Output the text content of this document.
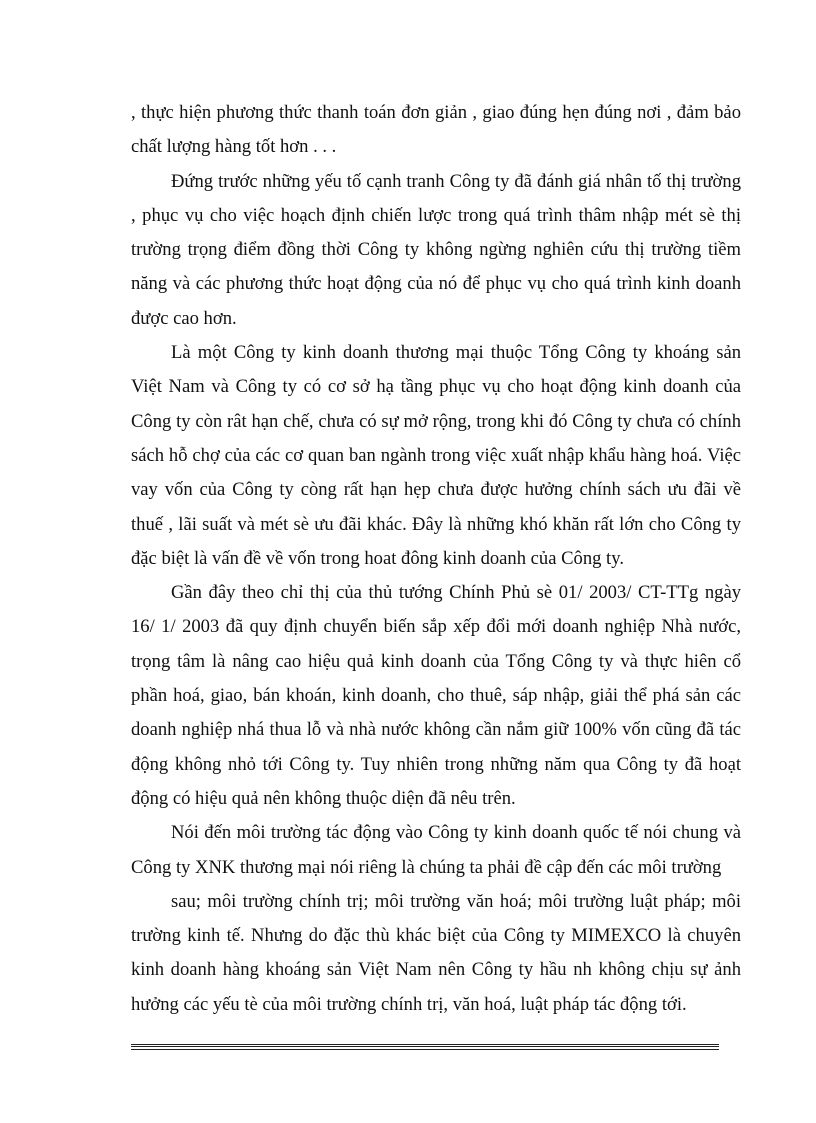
, thực hiện phương thức thanh toán đơn giản , giao đúng hẹn đúng nơi , đảm bảo chất lượng hàng tốt hơn . . .

Đứng trước những yếu tố cạnh tranh Công ty đã đánh giá nhân tố thị trường , phục vụ cho việc hoạch định chiến lược trong quá trình thâm nhập mét sè thị trường trọng điểm đồng thời Công ty không ngừng nghiên cứu thị trường tiềm năng và các phương thức hoạt động của nó để phục vụ cho quá trình kinh doanh được cao hơn.

Là một Công ty kinh doanh thương mại thuộc Tổng Công ty khoáng sản Việt Nam và Công ty có cơ sở hạ tầng phục vụ cho hoạt động kinh doanh của Công ty còn rât hạn chế, chưa có sự mở rộng, trong khi đó Công ty chưa có chính sách hỗ chợ của các cơ quan ban ngành trong việc xuất nhập khẩu hàng hoá. Việc vay vốn của Công ty còng rất hạn hẹp chưa được hưởng chính sách ưu đãi về thuế , lãi suất và mét sè ưu đãi khác. Đây là những khó khăn rất lớn cho Công ty đặc biệt là vấn đề về vốn trong hoat đông kinh doanh của Công ty.

Gần đây theo chỉ thị của thủ tướng Chính Phủ sè 01/ 2003/ CT-TTg ngày 16/ 1/ 2003 đã quy định chuyển biến sắp xếp đổi mới doanh nghiệp Nhà nước, trọng tâm là nâng cao hiệu quả kinh doanh của Tổng Công ty và thực hiên cổ phần hoá, giao, bán khoán, kinh doanh, cho thuê, sáp nhập, giải thể phá sản các doanh nghiệp nhá thua lỗ và nhà nước không cần nắm giữ 100% vốn cũng đã tác động không nhỏ tới Công ty. Tuy nhiên trong những năm qua Công ty đã hoạt động có hiệu quả nên không thuộc diện đã nêu trên.

Nói đến môi trường tác động vào Công ty kinh doanh quốc tế nói chung và Công ty XNK thương mại nói riêng là chúng ta phải đề cập đến các môi trường

sau; môi trường chính trị; môi trường văn hoá; môi trường luật pháp; môi trường kinh tế. Nhưng do đặc thù khác biệt của Công ty MIMEXCO là chuyên kinh doanh hàng khoáng sản Việt Nam nên Công ty hầu nh không chịu sự ảnh hưởng các yếu tè của môi trường chính trị, văn hoá, luật pháp tác động tới.
